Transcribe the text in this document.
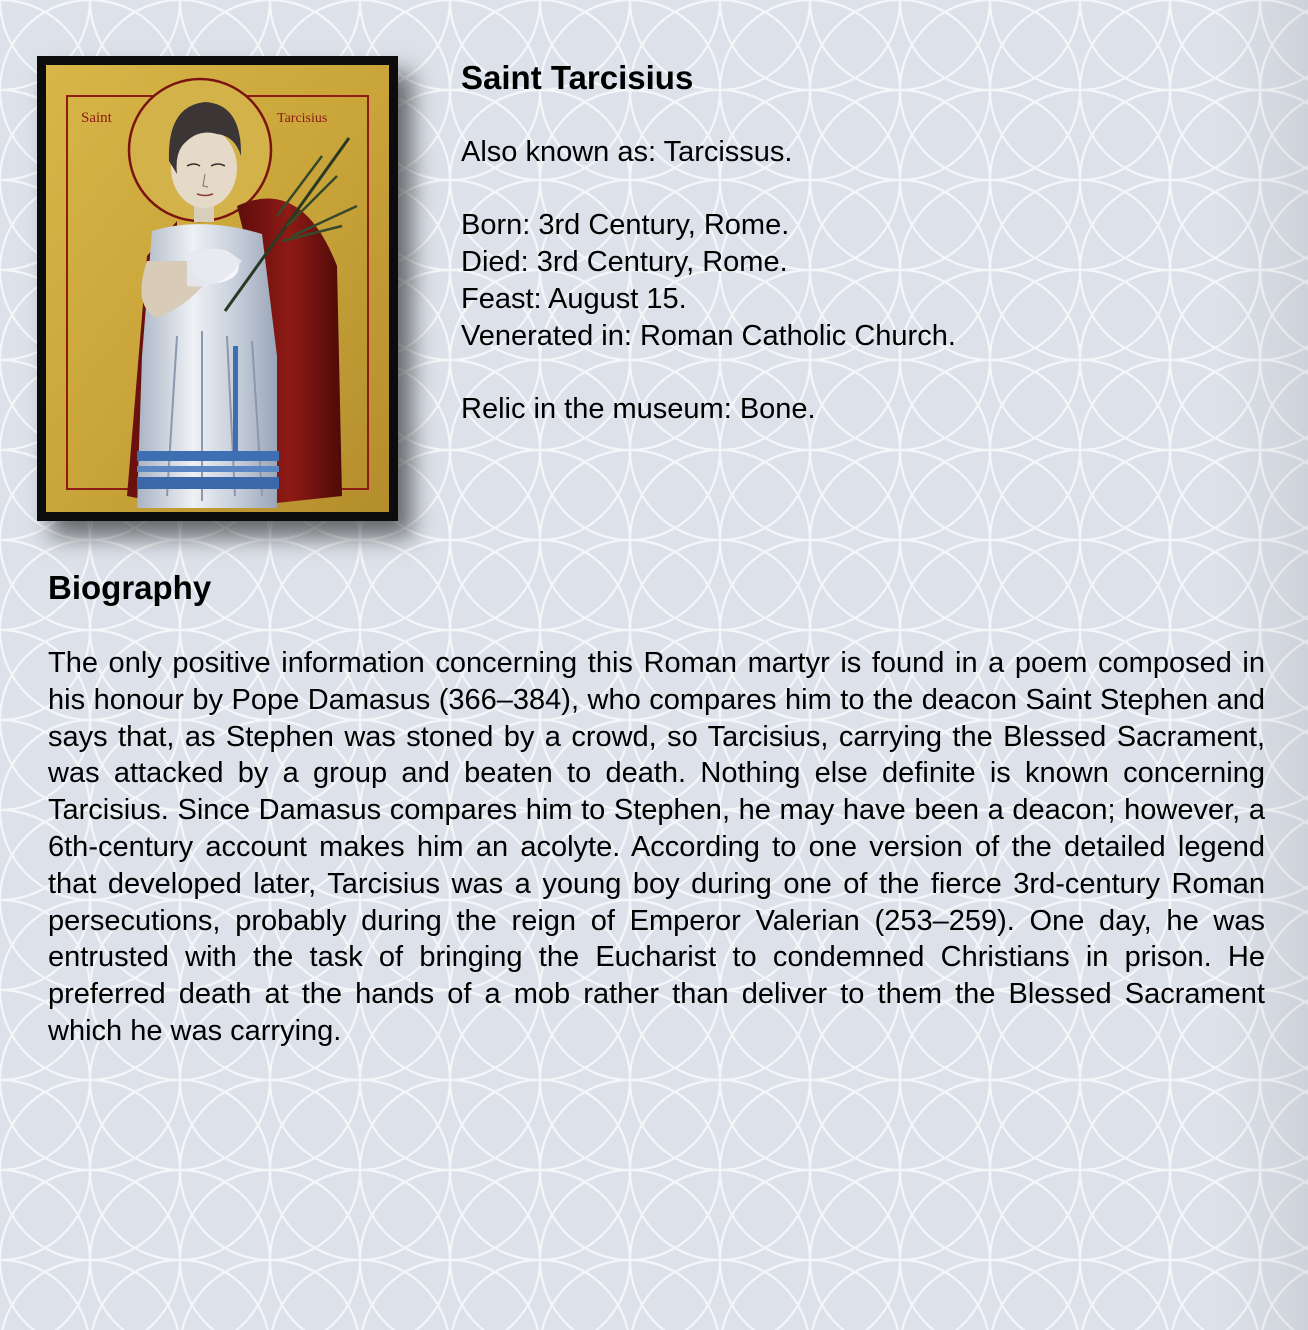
Saint	Tarcisius

Saint Tarcisius

Also known as: Tarcissus.

Born: 3rd Century, Rome.

Died: 3rd Century, Rome.

Feast: August 15.

Venerated in: Roman Catholic Church.

Relic in the museum: Bone.

Biography

The only positive information concerning this Roman martyr is found in a poem composed in his honour by Pope Damasus (366–384), who compares him to the deacon Saint Stephen and says that, as Stephen was stoned by a crowd, so Tarcisius, carrying the Blessed Sacrament, was attacked by a group and beaten to death. Nothing else definite is known concerning Tarcisius. Since Damasus compares him to Stephen, he may have been a deacon; however, a 6th-century account makes him an acolyte. According to one version of the detailed legend that developed later, Tarcisius was a young boy during one of the fierce 3rd-century Roman persecutions, probably during the reign of Emperor Valerian (253–259). One day, he was entrusted with the task of bringing the Eucharist to condemned Christians in prison. He preferred death at the hands of a mob rather than deliver to them the Blessed Sacrament which he was carrying.
